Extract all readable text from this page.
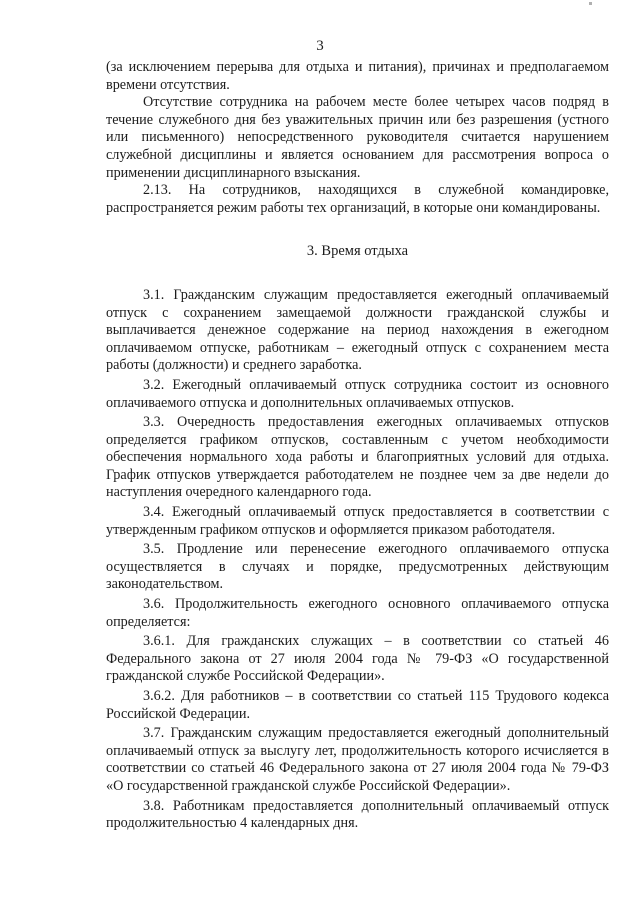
3

(за исключением перерыва для отдыха и питания), причинах и предполагаемом времени отсутствия.

Отсутствие сотрудника на рабочем месте более четырех часов подряд в течение служебного дня без уважительных причин или без разрешения (устного или письменного) непосредственного руководителя считается нарушением служебной дисциплины и является основанием для рассмотрения вопроса о применении дисциплинарного взыскания.

2.13. На сотрудников, находящихся в служебной командировке, распространяется режим работы тех организаций, в которые они командированы.

3. Время отдыха

3.1. Гражданским служащим предоставляется ежегодный оплачиваемый отпуск с сохранением замещаемой должности гражданской службы и выплачивается денежное содержание на период нахождения в ежегодном оплачиваемом отпуске, работникам – ежегодный отпуск с сохранением места работы (должности) и среднего заработка.

3.2. Ежегодный оплачиваемый отпуск сотрудника состоит из основного оплачиваемого отпуска и дополнительных оплачиваемых отпусков.

3.3. Очередность предоставления ежегодных оплачиваемых отпусков определяется графиком отпусков, составленным с учетом необходимости обеспечения нормального хода работы и благоприятных условий для отдыха. График отпусков утверждается работодателем не позднее чем за две недели до наступления очередного календарного года.

3.4. Ежегодный оплачиваемый отпуск предоставляется в соответствии с утвержденным графиком отпусков и оформляется приказом работодателя.

3.5. Продление или перенесение ежегодного оплачиваемого отпуска осуществляется в случаях и порядке, предусмотренных действующим законодательством.

3.6. Продолжительность ежегодного основного оплачиваемого отпуска определяется:

3.6.1. Для гражданских служащих – в соответствии со статьей 46 Федерального закона от 27 июля 2004 года № 79-ФЗ «О государственной гражданской службе Российской Федерации».

3.6.2. Для работников – в соответствии со статьей 115 Трудового кодекса Российской Федерации.

3.7. Гражданским служащим предоставляется ежегодный дополнительный оплачиваемый отпуск за выслугу лет, продолжительность которого исчисляется в соответствии со статьей 46 Федерального закона от 27 июля 2004 года № 79-ФЗ «О государственной гражданской службе Российской Федерации».

3.8. Работникам предоставляется дополнительный оплачиваемый отпуск продолжительностью 4 календарных дня.
